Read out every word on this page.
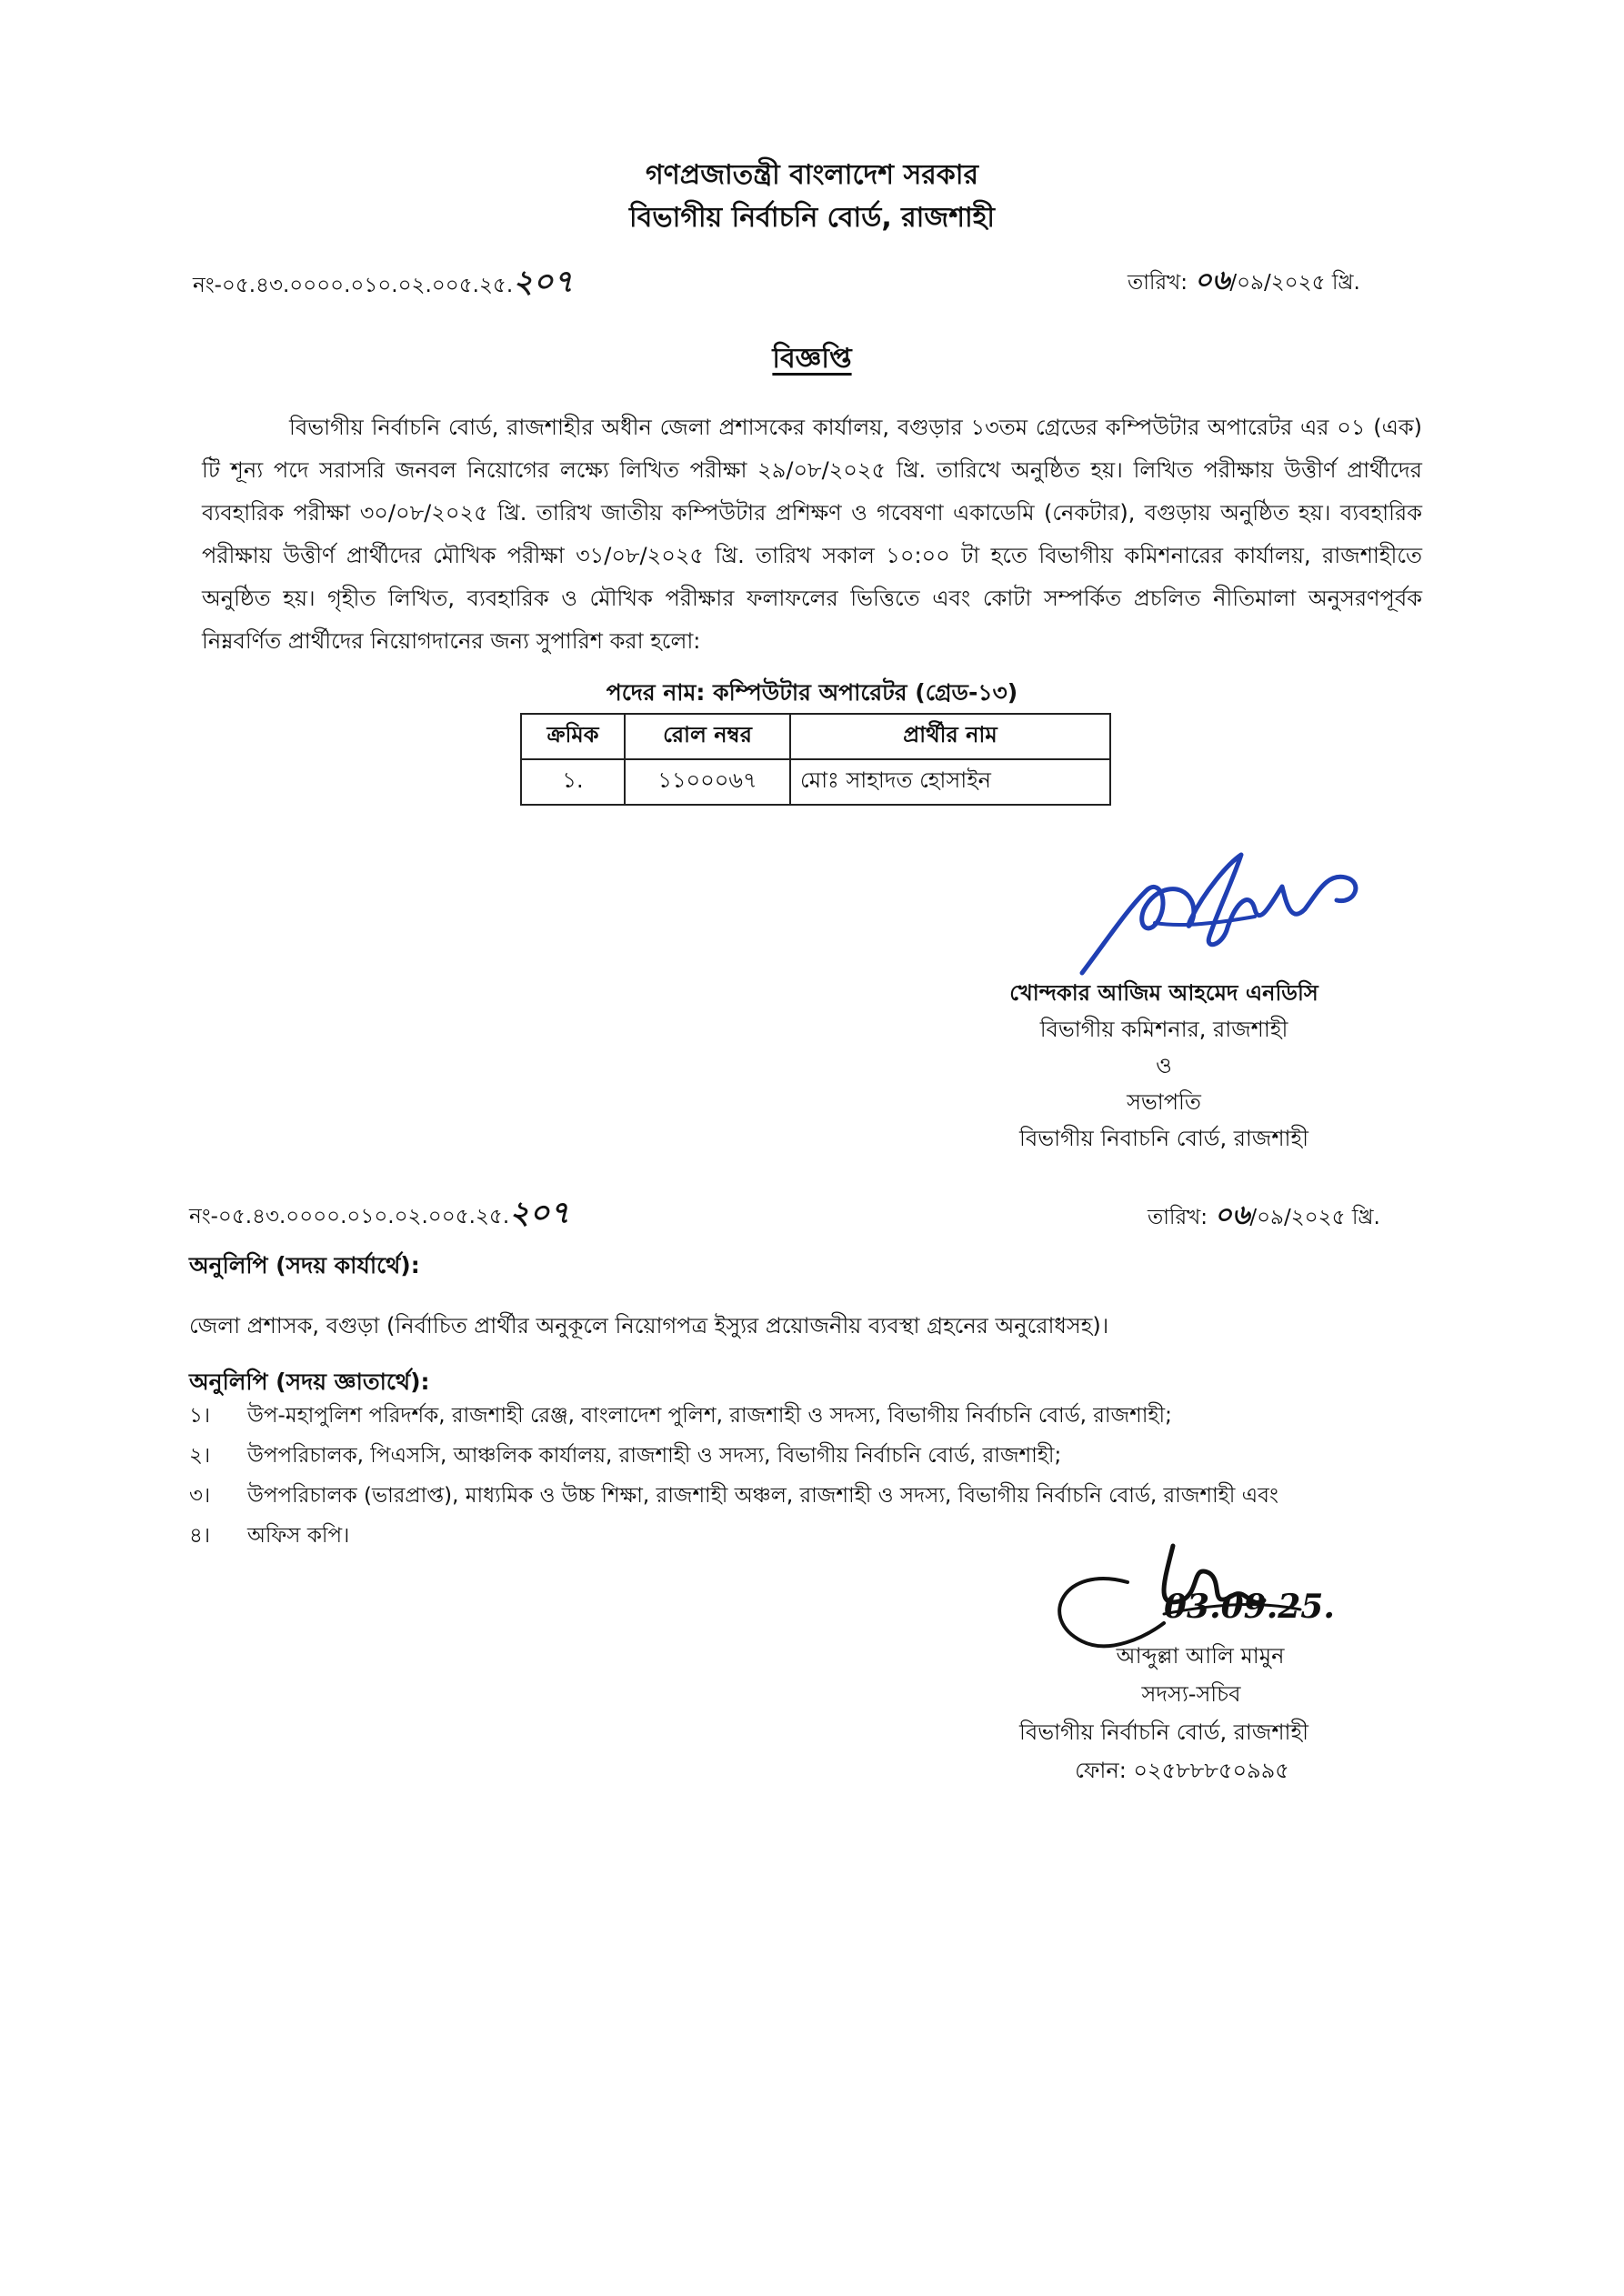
গণপ্রজাতন্ত্রী বাংলাদেশ সরকার
বিভাগীয় নির্বাচনি বোর্ড, রাজশাহী
নং-০৫.৪৩.০০০০.০১০.০২.০০৫.২৫.২০৭	তারিখ: ০৬/০৯/২০২৫ খ্রি.
বিজ্ঞপ্তি
বিভাগীয় নির্বাচনি বোর্ড, রাজশাহীর অধীন জেলা প্রশাসকের কার্যালয়, বগুড়ার ১৩তম গ্রেডের কম্পিউটার অপারেটর এর ০১ (এক) টি শূন্য পদে সরাসরি জনবল নিয়োগের লক্ষ্যে লিখিত পরীক্ষা ২৯/০৮/২০২৫ খ্রি. তারিখে অনুষ্ঠিত হয়। লিখিত পরীক্ষায় উত্তীর্ণ প্রার্থীদের ব্যবহারিক পরীক্ষা ৩০/০৮/২০২৫ খ্রি. তারিখ জাতীয় কম্পিউটার প্রশিক্ষণ ও গবেষণা একাডেমি (নেকটার), বগুড়ায় অনুষ্ঠিত হয়। ব্যবহারিক পরীক্ষায় উত্তীর্ণ প্রার্থীদের মৌখিক পরীক্ষা ৩১/০৮/২০২৫ খ্রি. তারিখ সকাল ১০:০০ টা হতে বিভাগীয় কমিশনারের কার্যালয়, রাজশাহীতে অনুষ্ঠিত হয়। গৃহীত লিখিত, ব্যবহারিক ও মৌখিক পরীক্ষার ফলাফলের ভিত্তিতে এবং কোটা সম্পর্কিত প্রচলিত নীতিমালা অনুসরণপূর্বক নিম্নবর্ণিত প্রার্থীদের নিয়োগদানের জন্য সুপারিশ করা হলো:
পদের নাম: কম্পিউটার অপারেটর (গ্রেড-১৩)
ক্রমিক	রোল নম্বর	প্রার্থীর নাম
১.	১১০০০৬৭	মোঃ সাহাদত হোসাইন
খোন্দকার আজিম আহমেদ এনডিসি
বিভাগীয় কমিশনার, রাজশাহী
ও
সভাপতি
বিভাগীয় নিবাচনি বোর্ড, রাজশাহী
নং-০৫.৪৩.০০০০.০১০.০২.০০৫.২৫.২০৭	তারিখ: ০৬/০৯/২০২৫ খ্রি.
অনুলিপি (সদয় কার্যার্থে):
জেলা প্রশাসক, বগুড়া (নির্বাচিত প্রার্থীর অনুকূলে নিয়োগপত্র ইস্যুর প্রয়োজনীয় ব্যবস্থা গ্রহনের অনুরোধসহ)।
অনুলিপি (সদয় জ্ঞাতার্থে):
১।	উপ-মহাপুলিশ পরিদর্শক, রাজশাহী রেঞ্জ, বাংলাদেশ পুলিশ, রাজশাহী ও সদস্য, বিভাগীয় নির্বাচনি বোর্ড, রাজশাহী;
২।	উপপরিচালক, পিএসসি, আঞ্চলিক কার্যালয়, রাজশাহী ও সদস্য, বিভাগীয় নির্বাচনি বোর্ড, রাজশাহী;
৩।	উপপরিচালক (ভারপ্রাপ্ত), মাধ্যমিক ও উচ্চ শিক্ষা, রাজশাহী অঞ্চল, রাজশাহী ও সদস্য, বিভাগীয় নির্বাচনি বোর্ড, রাজশাহী এবং
৪।	অফিস কপি।
03.09.25.
আব্দুল্লা আলি মামুন
সদস্য-সচিব
বিভাগীয় নির্বাচনি বোর্ড, রাজশাহী
ফোন: ০২৫৮৮৮৫০৯৯৫
